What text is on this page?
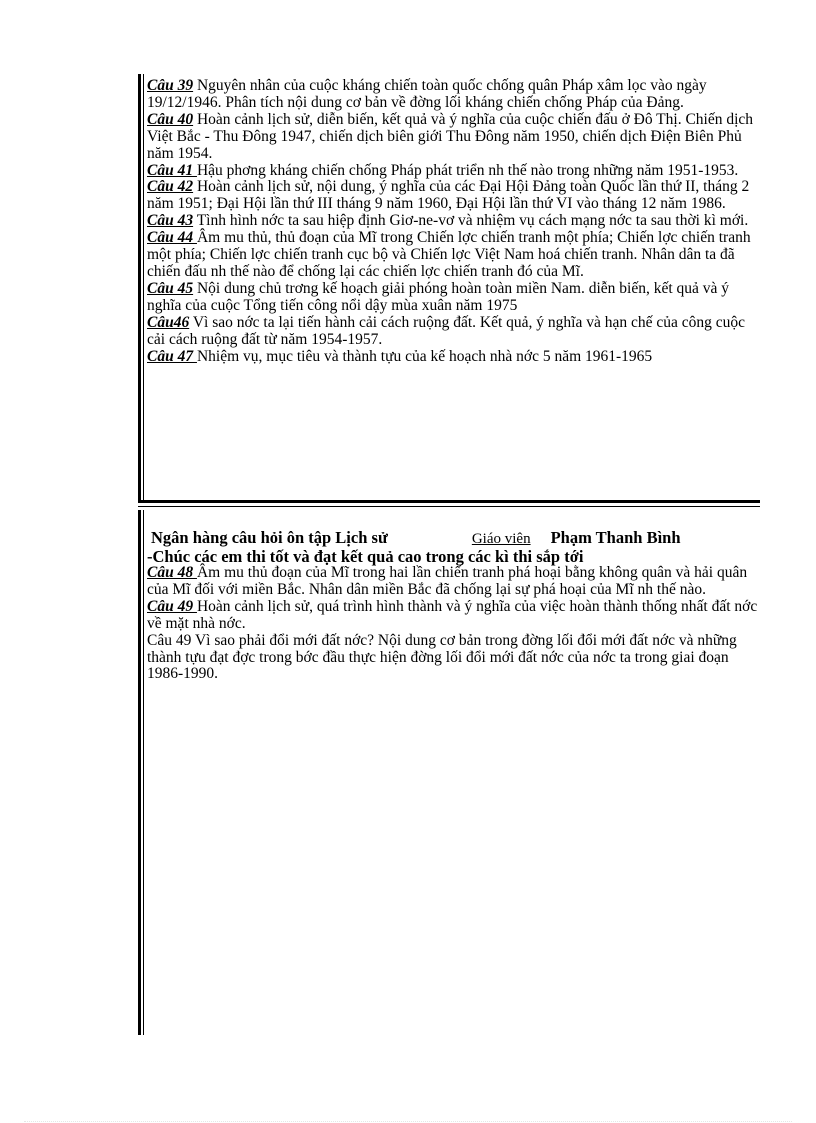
Câu 39 Nguyên nhân của cuộc kháng chiến toàn quốc chống quân Pháp xâm lọc vào ngày 19/12/1946. Phân tích nội dung cơ bản về đờng lối kháng chiến chống Pháp của Đảng.

Câu 40 Hoàn cảnh lịch sử, diễn biến, kết quả và ý nghĩa của cuộc chiến đấu ở Đô Thị. Chiến dịch Việt Bắc - Thu Đông 1947, chiến dịch biên giới Thu Đông năm 1950, chiến dịch Điện Biên Phủ năm 1954.

Câu 41 Hậu phơng kháng chiến chống Pháp phát triển nh thế nào trong những năm 1951-1953.

Câu 42 Hoàn cảnh lịch sử, nội dung, ý nghĩa của các Đại Hội Đảng toàn Quốc lần thứ II, tháng 2 năm 1951; Đại Hội lần thứ III tháng 9 năm 1960, Đại Hội lần thứ VI vào tháng 12 năm 1986.

Câu 43 Tình hình nớc ta sau hiệp định Giơ-ne-vơ và nhiệm vụ cách mạng nớc ta sau thời kì mới.

Câu 44 Âm mu thủ, thủ đoạn của Mĩ trong Chiến lợc chiến tranh một phía; Chiến lợc chiến tranh một phía; Chiến lợc chiến tranh cục bộ và Chiến lợc Việt Nam hoá chiến tranh. Nhân dân ta đã chiến đấu nh thế nào để chống lại các chiến lợc chiến tranh đó của Mĩ.

Câu 45 Nội dung chủ trơng kế hoạch giải phóng hoàn toàn miền Nam. diễn biến, kết quả và ý nghĩa của cuộc Tổng tiến công nổi dậy mùa xuân năm 1975

Câu46 Vì sao nớc ta lại tiến hành cải cách ruộng đất. Kết quả, ý nghĩa và hạn chế của công cuộc cải cách ruộng đất từ năm 1954-1957.

Câu 47 Nhiệm vụ, mục tiêu và thành tựu của kế hoạch nhà nớc 5 năm 1961-1965

Ngân hàng câu hỏi ôn tập Lịch sử	Giáo viên Phạm Thanh Bình

-Chúc các em thi tốt và đạt kết quả cao trong các kì thi sắp tới

Câu 48 Âm mu thủ đoạn của Mĩ trong hai lần chiến tranh phá hoại bằng không quân và hải quân của Mĩ đối với miền Bắc. Nhân dân miền Bắc đã chống lại sự phá hoại của Mĩ nh thế nào.

Câu 49 Hoàn cảnh lịch sử, quá trình hình thành và ý nghĩa của việc hoàn thành thống nhất đất nớc về mặt nhà nớc.

Câu 49 Vì sao phải đổi mới đất nớc? Nội dung cơ bản trong đờng lối đổi mới đất nớc và những thành tựu đạt đợc trong bớc đầu thực hiện đờng lối đổi mới đất nớc của nớc ta trong giai đoạn 1986-1990.
